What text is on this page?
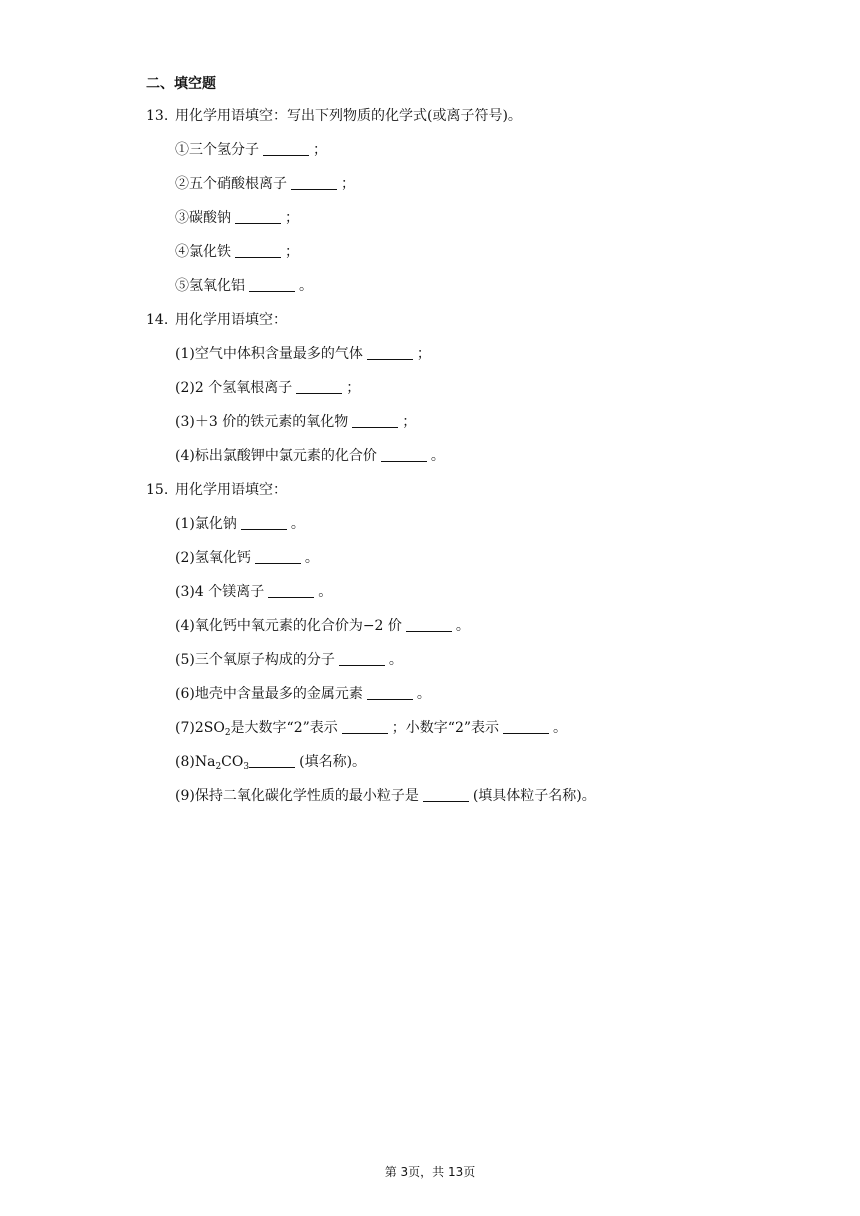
二、填空题
13. 用化学用语填空：写出下列物质的化学式(或离子符号)。
①三个氢分子	；
②五个硝酸根离子	；
③碳酸钠	；
④氯化铁	；
⑤氢氧化铝	。
14. 用化学用语填空：
(1)空气中体积含量最多的气体	；
(2)2 个氢氧根离子	；
(3)＋3 价的铁元素的氧化物	；
(4)标出氯酸钾中氯元素的化合价	。
15. 用化学用语填空：
(1)氯化钠	。
(2)氢氧化钙	。
(3)4 个镁离子	。
(4)氧化钙中氧元素的化合价为−2 价	。
(5)三个氧原子构成的分子	。
(6)地壳中含量最多的金属元素	。
$(7)2SO_2$是大数字“2”表示	；小数字“2”表示	。
$(8)Na_2CO_3$	(填名称)。
(9)保持二氧化碳化学性质的最小粒子是	(填具体粒子名称)。
第 3页，共 13页
